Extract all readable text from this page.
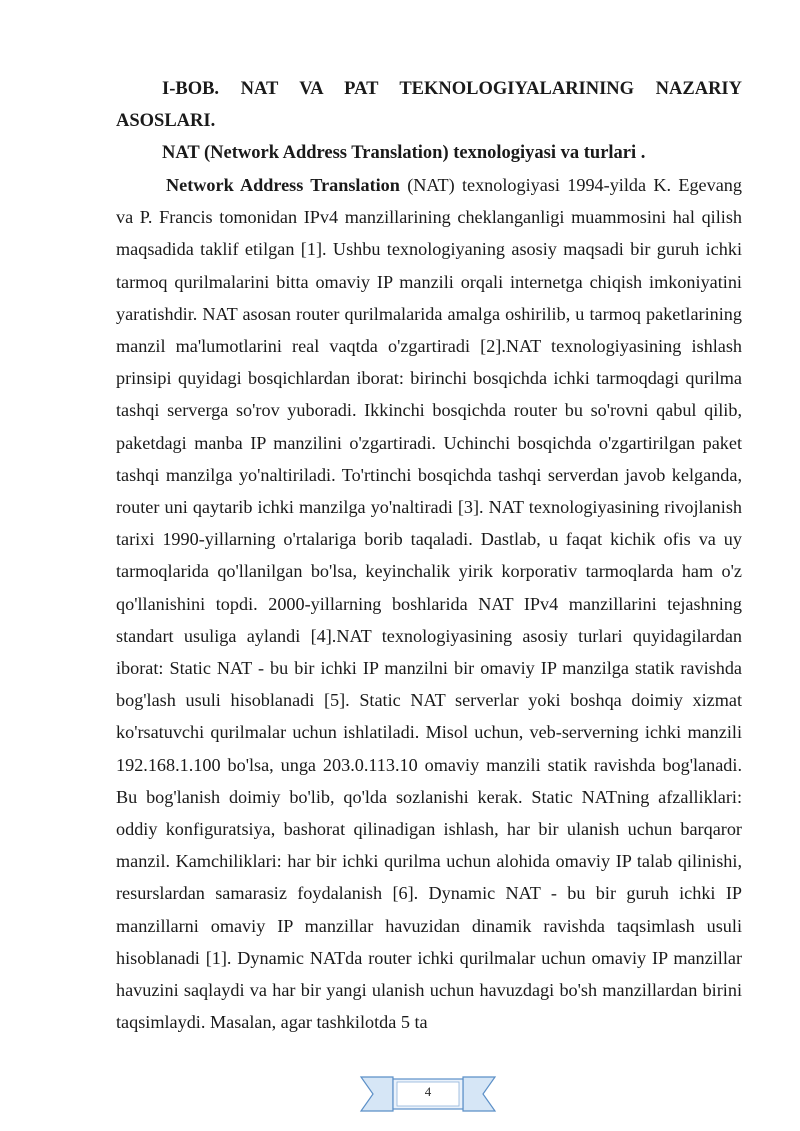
I-BOB. NAT VA PAT TEKNOLOGIYALARINING NAZARIY ASOSLARI.

NAT (Network Address Translation) texnologiyasi va turlari .

Network Address Translation (NAT) texnologiyasi 1994-yilda K. Egevang va P. Francis tomonidan IPv4 manzillarining cheklanganligi muammosini hal qilish maqsadida taklif etilgan [1]. Ushbu texnologiyaning asosiy maqsadi bir guruh ichki tarmoq qurilmalarini bitta omaviy IP manzili orqali internetga chiqish imkoniyatini yaratishdir. NAT asosan router qurilmalarida amalga oshirilib, u tarmoq paketlarining manzil ma'lumotlarini real vaqtda o'zgartiradi [2].NAT texnologiyasining ishlash prinsipi quyidagi bosqichlardan iborat: birinchi bosqichda ichki tarmoqdagi qurilma tashqi serverga so'rov yuboradi. Ikkinchi bosqichda router bu so'rovni qabul qilib, paketdagi manba IP manzilini o'zgartiradi. Uchinchi bosqichda o'zgartirilgan paket tashqi manzilga yo'naltiriladi. To'rtinchi bosqichda tashqi serverdan javob kelganda, router uni qaytarib ichki manzilga yo'naltiradi [3]. NAT texnologiyasining rivojlanish tarixi 1990-yillarning o'rtalariga borib taqaladi. Dastlab, u faqat kichik ofis va uy tarmoqlarida qo'llanilgan bo'lsa, keyinchalik yirik korporativ tarmoqlarda ham o'z qo'llanishini topdi. 2000-yillarning boshlarida NAT IPv4 manzillarini tejashning standart usuliga aylandi [4].NAT texnologiyasining asosiy turlari quyidagilardan iborat: Static NAT - bu bir ichki IP manzilni bir omaviy IP manzilga statik ravishda bog'lash usuli hisoblanadi [5]. Static NAT serverlar yoki boshqa doimiy xizmat ko'rsatuvchi qurilmalar uchun ishlatiladi. Misol uchun, veb-serverning ichki manzili 192.168.1.100 bo'lsa, unga 203.0.113.10 omaviy manzili statik ravishda bog'lanadi. Bu bog'lanish doimiy bo'lib, qo'lda sozlanishi kerak. Static NATning afzalliklari: oddiy konfiguratsiya, bashorat qilinadigan ishlash, har bir ulanish uchun barqaror manzil. Kamchiliklari: har bir ichki qurilma uchun alohida omaviy IP talab qilinishi, resurslardan samarasiz foydalanish [6]. Dynamic NAT - bu bir guruh ichki IP manzillarni omaviy IP manzillar havuzidan dinamik ravishda taqsimlash usuli hisoblanadi [1]. Dynamic NATda router ichki qurilmalar uchun omaviy IP manzillar havuzini saqlaydi va har bir yangi ulanish uchun havuzdagi bo'sh manzillardan birini taqsimlaydi. Masalan, agar tashkilotda 5 ta

4
